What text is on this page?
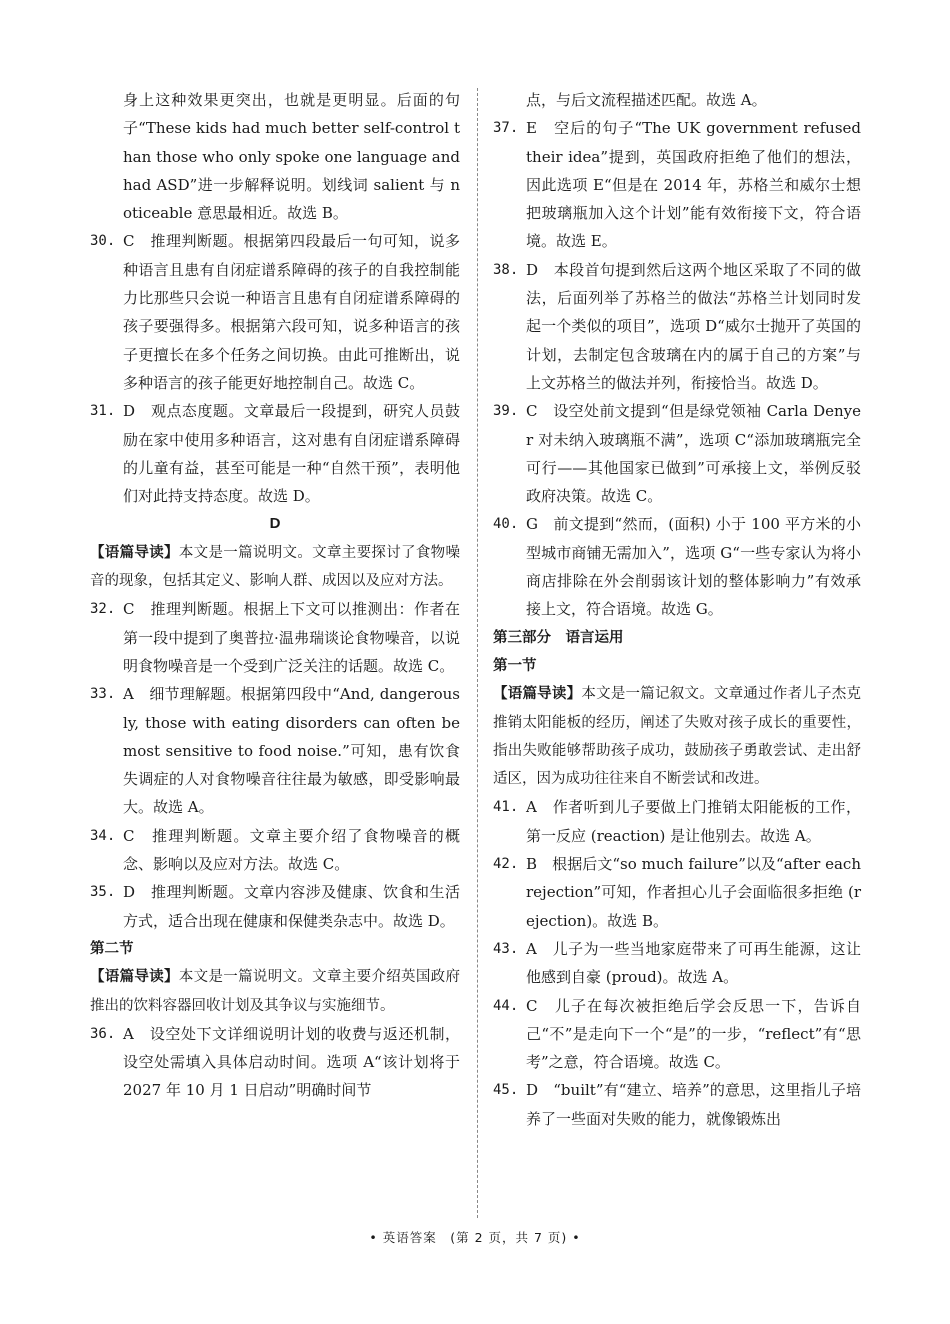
身上这种效果更突出，也就是更明显。后面的句子“These kids had much better self-control than those who only spoke one language and had ASD”进一步解释说明。划线词 salient 与 noticeable 意思最相近。故选 B。
30. C　推理判断题。根据第四段最后一句可知，说多种语言且患有自闭症谱系障碍的孩子的自我控制能力比那些只会说一种语言且患有自闭症谱系障碍的孩子要强得多。根据第六段可知，说多种语言的孩子更擅长在多个任务之间切换。由此可推断出，说多种语言的孩子能更好地控制自己。故选 C。
31. D　观点态度题。文章最后一段提到，研究人员鼓励在家中使用多种语言，这对患有自闭症谱系障碍的儿童有益，甚至可能是一种“自然干预”，表明他们对此持支持态度。故选 D。
D
【语篇导读】本文是一篇说明文。文章主要探讨了食物噪音的现象，包括其定义、影响人群、成因以及应对方法。
32. C　推理判断题。根据上下文可以推测出：作者在第一段中提到了奥普拉·温弗瑞谈论食物噪音，以说明食物噪音是一个受到广泛关注的话题。故选 C。
33. A　细节理解题。根据第四段中“And, dangerously, those with eating disorders can often be most sensitive to food noise.”可知，患有饮食失调症的人对食物噪音往往最为敏感，即受影响最大。故选 A。
34. C　推理判断题。文章主要介绍了食物噪音的概念、影响以及应对方法。故选 C。
35. D　推理判断题。文章内容涉及健康、饮食和生活方式，适合出现在健康和保健类杂志中。故选 D。
第二节
【语篇导读】本文是一篇说明文。文章主要介绍英国政府推出的饮料容器回收计划及其争议与实施细节。
36. A　设空处下文详细说明计划的收费与返还机制，设空处需填入具体启动时间。选项 A“该计划将于 2027 年 10 月 1 日启动”明确时间节
点，与后文流程描述匹配。故选 A。
37. E　空后的句子“The UK government refused their idea”提到，英国政府拒绝了他们的想法，因此选项 E“但是在 2014 年，苏格兰和威尔士想把玻璃瓶加入这个计划”能有效衔接下文，符合语境。故选 E。
38. D　本段首句提到然后这两个地区采取了不同的做法，后面列举了苏格兰的做法“苏格兰计划同时发起一个类似的项目”，选项 D“威尔士抛开了英国的计划，去制定包含玻璃在内的属于自己的方案”与上文苏格兰的做法并列，衔接恰当。故选 D。
39. C　设空处前文提到“但是绿党领袖 Carla Denyer 对未纳入玻璃瓶不满”，选项 C“添加玻璃瓶完全可行——其他国家已做到”可承接上文，举例反驳政府决策。故选 C。
40. G　前文提到“然而，(面积) 小于 100 平方米的小型城市商铺无需加入”，选项 G“一些专家认为将小商店排除在外会削弱该计划的整体影响力”有效承接上文，符合语境。故选 G。
第三部分　语言运用
第一节
【语篇导读】本文是一篇记叙文。文章通过作者儿子杰克推销太阳能板的经历，阐述了失败对孩子成长的重要性，指出失败能够帮助孩子成功，鼓励孩子勇敢尝试、走出舒适区，因为成功往往来自不断尝试和改进。
41. A　作者听到儿子要做上门推销太阳能板的工作，第一反应 (reaction) 是让他别去。故选 A。
42. B　根据后文“so much failure”以及“after each rejection”可知，作者担心儿子会面临很多拒绝 (rejection)。故选 B。
43. A　儿子为一些当地家庭带来了可再生能源，这让他感到自豪 (proud)。故选 A。
44. C　儿子在每次被拒绝后学会反思一下，告诉自己“不”是走向下一个“是”的一步，“reflect”有“思考”之意，符合语境。故选 C。
45. D　“built”有“建立、培养”的意思，这里指儿子培养了一些面对失败的能力，就像锻炼出
• 英语答案　(第 2 页，共 7 页) •
